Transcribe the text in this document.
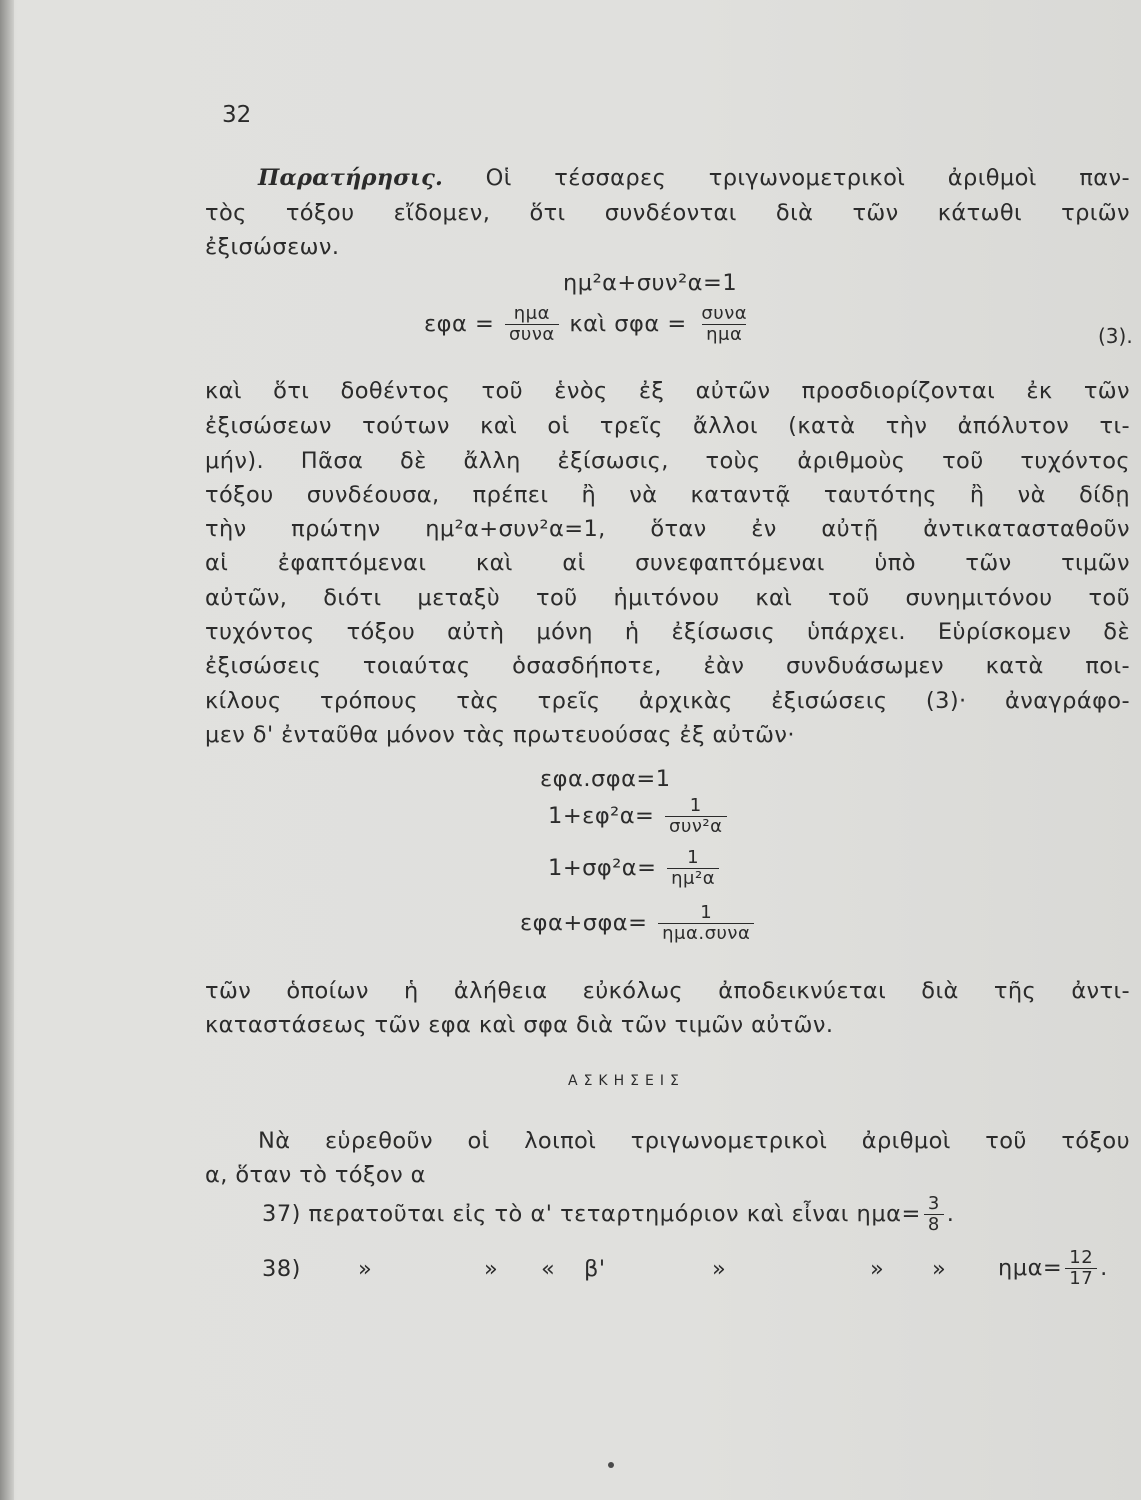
32
Παρατήρησις. Οἱ τέσσαρες τριγωνομετρικοὶ ἀριθμοὶ παν-
τὸς τόξου εἴδομεν, ὅτι συνδέονται διὰ τῶν κάτωθι τριῶν
ἐξισώσεων.
ημ²α+συν²α=1
$\varepsilon\varphi\alpha = \frac{\text{ημα}}{\text{συνα}}$ καὶ $\sigma\varphi\alpha = \frac{\text{συνα}}{\text{ημα}}$	(3).
καὶ ὅτι δοθέντος τοῦ ἑνὸς ἐξ αὐτῶν προσδιορίζονται ἐκ τῶν
ἐξισώσεων τούτων καὶ οἱ τρεῖς ἄλλοι (κατὰ τὴν ἀπόλυτον τι-
μήν). Πᾶσα δὲ ἄλλη ἐξίσωσις, τοὺς ἀριθμοὺς τοῦ τυχόντος
τόξου συνδέουσα, πρέπει ἢ νὰ καταντᾷ ταυτότης ἢ νὰ δίδῃ
τὴν πρώτην ημ²α+συν²α=1, ὅταν ἐν αὐτῇ ἀντικατασταθοῦν
αἱ ἐφαπτόμεναι καὶ αἱ συνεφαπτόμεναι ὑπὸ τῶν τιμῶν
αὐτῶν, διότι μεταξὺ τοῦ ἡμιτόνου καὶ τοῦ συνημιτόνου τοῦ
τυχόντος τόξου αὐτὴ μόνη ἡ ἐξίσωσις ὑπάρχει. Εὑρίσκομεν δὲ
ἐξισώσεις τοιαύτας ὁσασδήποτε, ἐὰν συνδυάσωμεν κατὰ ποι-
κίλους τρόπους τὰς τρεῖς ἀρχικὰς ἐξισώσεις (3)· ἀναγράφο-
μεν δ' ἐνταῦθα μόνον τὰς πρωτευούσας ἐξ αὐτῶν·
εφα.σφα=1
$1+\varepsilon\varphi^2\alpha= \frac{1}{\text{συν²α}}$
$1+\sigma\varphi^2\alpha= \frac{1}{\text{ημ²α}}$
$\varepsilon\varphi\alpha+\sigma\varphi\alpha= \frac{1}{\text{ημα.συνα}}$
τῶν ὁποίων ἡ ἀλήθεια εὐκόλως ἀποδεικνύεται διὰ τῆς ἀντι-
καταστάσεως τῶν εφα καὶ σφα διὰ τῶν τιμῶν αὐτῶν.
ΑΣΚΗΣΕΙΣ
Νὰ εὑρεθοῦν οἱ λοιποὶ τριγωνομετρικοὶ ἀριθμοὶ τοῦ τόξου
α, ὅταν τὸ τόξον α
37) περατοῦται εἰς τὸ α' τεταρτημόριον καὶ εἶναι $\eta\mu\alpha= \frac{3}{8}$ .
38)	»	» « β'	»	» » $\eta\mu\alpha= \frac{12}{17}$ .
